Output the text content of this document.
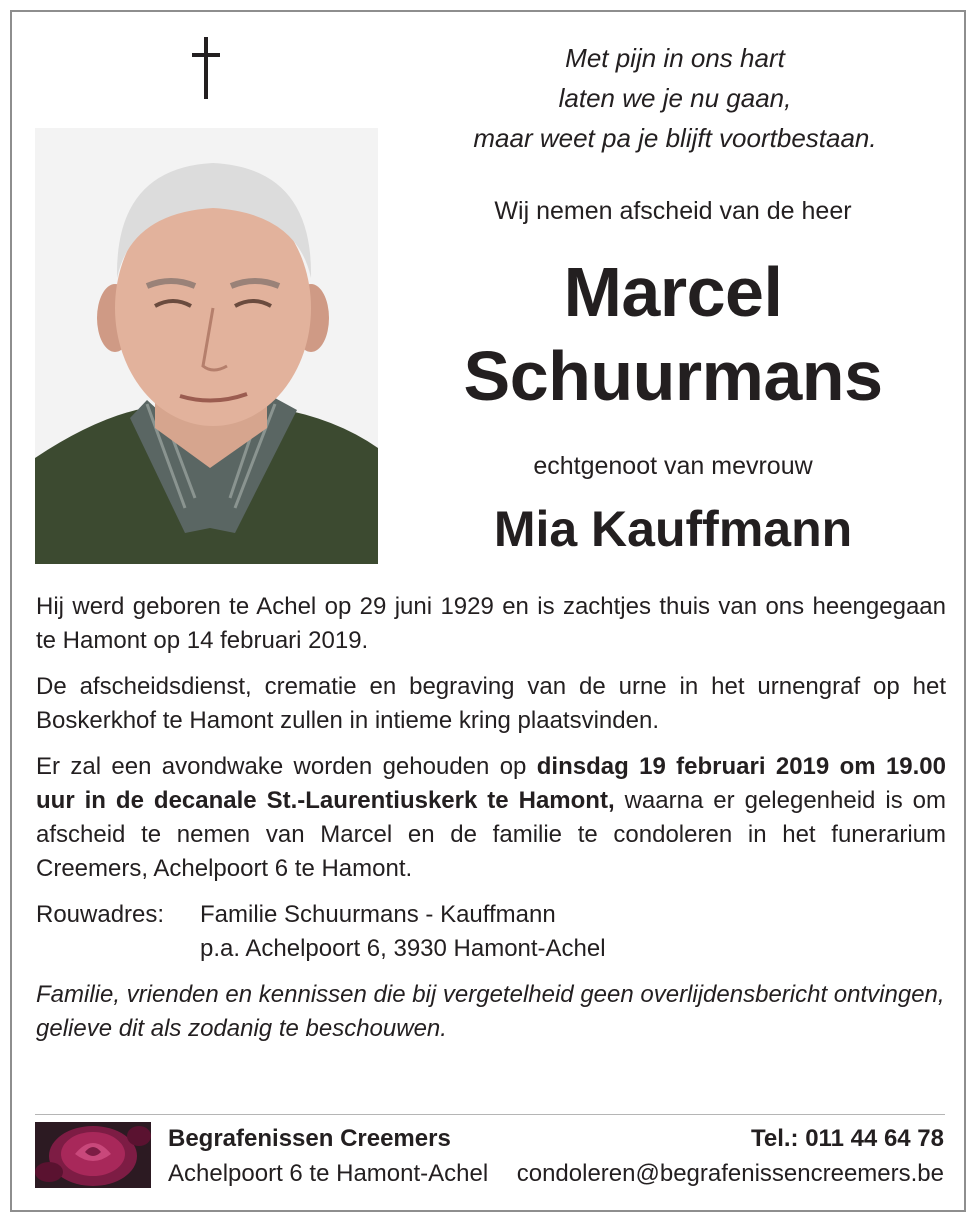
Met pijn in ons hart
laten we je nu gaan,
maar weet pa je blijft voortbestaan.
Wij nemen afscheid van de heer
Marcel
Schuurmans
echtgenoot van mevrouw
Mia Kauffmann

Hij werd geboren te Achel op 29 juni 1929 en is zachtjes thuis van ons heengegaan te Hamont op 14 februari 2019.

De afscheidsdienst, crematie en begraving van de urne in het urnengraf op het Boskerkhof te Hamont zullen in intieme kring plaatsvinden.

Er zal een avondwake worden gehouden op dinsdag 19 februari 2019 om 19.00 uur in de decanale St.-Laurentiuskerk te Hamont, waarna er gelegenheid is om afscheid te nemen van Marcel en de familie te condoleren in het funerarium Creemers, Achelpoort 6 te Hamont.

Rouwadres:	Familie Schuurmans - Kauffmann
p.a. Achelpoort 6, 3930 Hamont-Achel
Familie, vrienden en kennissen die bij vergetelheid geen overlijdensbericht ontvingen, gelieve dit als zodanig te beschouwen.
Begrafenissen Creemers
Achelpoort 6 te Hamont-Achel
Tel.: 011 44 64 78
condoleren@begrafenissencreemers.be
